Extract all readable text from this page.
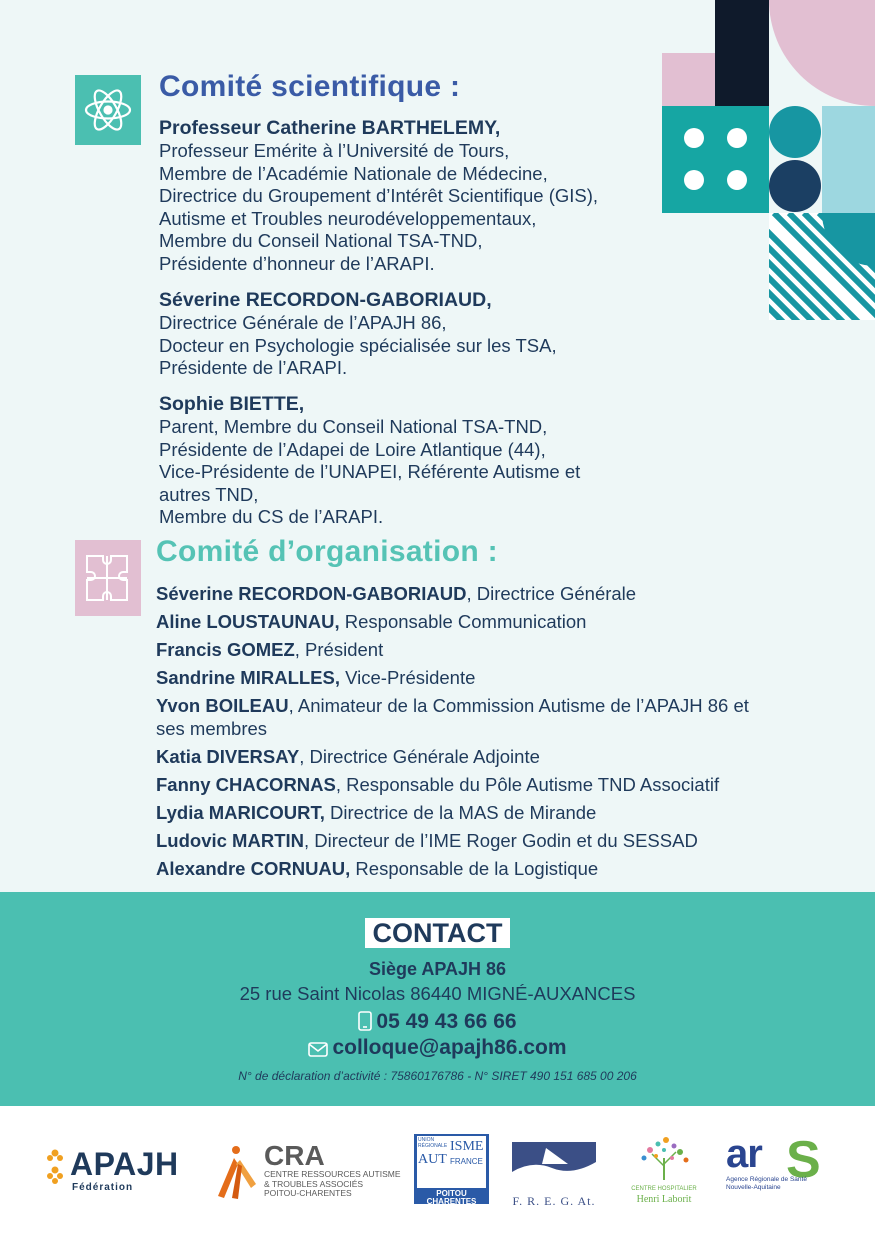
Comité scientifique :
Professeur Catherine BARTHELEMY,
Professeur Emérite à l’Université de Tours,
Membre de l’Académie Nationale de Médecine,
Directrice du Groupement d’Intérêt Scientifique (GIS),
Autisme et Troubles neurodéveloppementaux,
Membre du Conseil National TSA-TND,
Présidente d’honneur de l’ARAPI.
Séverine RECORDON-GABORIAUD,
Directrice Générale de l’APAJH 86,
Docteur en Psychologie spécialisée sur les TSA,
Présidente de l’ARAPI.
Sophie BIETTE,
Parent, Membre du Conseil National TSA-TND,
Présidente de l’Adapei de Loire Atlantique (44),
Vice-Présidente de l’UNAPEI, Référente Autisme et
autres TND,
Membre du CS de l’ARAPI.
Comité d’organisation :
Séverine RECORDON-GABORIAUD, Directrice Générale
Aline LOUSTAUNAU, Responsable Communication
Francis GOMEZ, Président
Sandrine MIRALLES, Vice-Présidente
Yvon BOILEAU, Animateur de la Commission Autisme de l’APAJH 86 et ses membres
Katia DIVERSAY, Directrice Générale Adjointe
Fanny CHACORNAS, Responsable du Pôle Autisme TND Associatif
Lydia MARICOURT, Directrice de la MAS de Mirande
Ludovic MARTIN, Directeur de l’IME Roger Godin et du SESSAD
Alexandre CORNUAU, Responsable de la Logistique
CONTACT
Siège APAJH 86
25 rue Saint Nicolas 86440 MIGNÉ-AUXANCES
05 49 43 66 66
colloque@apajh86.com
N° de déclaration d’activité : 75860176786 - N° SIRET 490 151 685 00 206
APAJH
Fédération
CRA
CENTRE RESSOURCES AUTISME
& TROUBLES ASSOCIÉS
POITOU-CHARENTES
UNION RÉGIONALE
AUT
ISME
FRANCE
POITOU CHARENTES	F. R. E. G. At.
CENTRE HOSPITALIER
Henri Laborit
ar S
Agence Régionale de Santé
Nouvelle-Aquitaine
